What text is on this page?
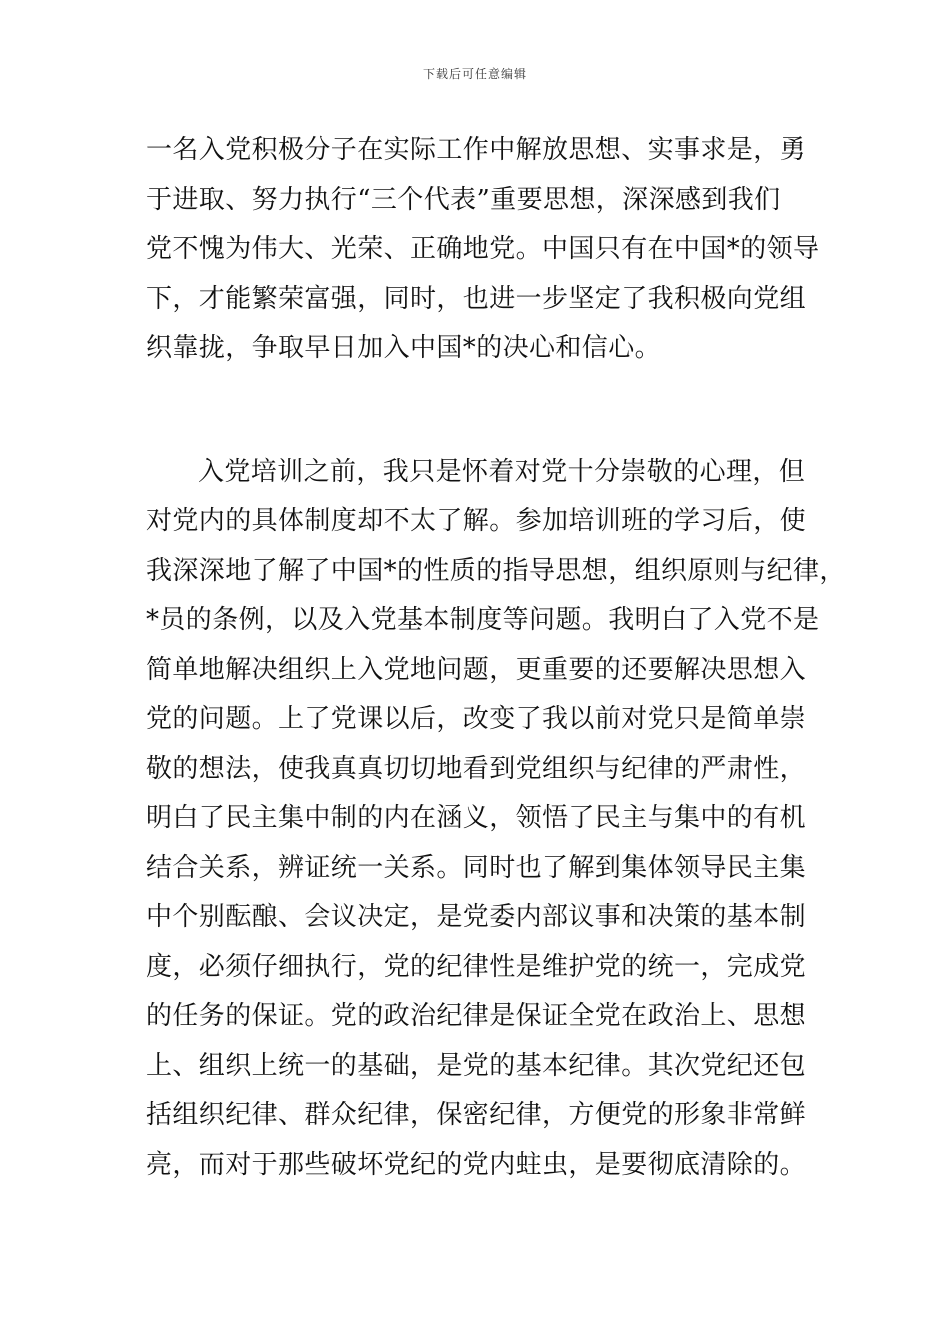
下载后可任意编辑
一名入党积极分子在实际工作中解放思想、实事求是，勇
于进取、努力执行“三个代表”重要思想，深深感到我们
党不愧为伟大、光荣、正确地党。中国只有在中国*的领导
下，才能繁荣富强，同时，也进一步坚定了我积极向党组
织靠拢，争取早日加入中国*的决心和信心。
入党培训之前，我只是怀着对党十分崇敬的心理，但
对党内的具体制度却不太了解。参加培训班的学习后，使
我深深地了解了中国*的性质的指导思想，组织原则与纪律，
*员的条例，以及入党基本制度等问题。我明白了入党不是
简单地解决组织上入党地问题，更重要的还要解决思想入
党的问题。上了党课以后，改变了我以前对党只是简单崇
敬的想法，使我真真切切地看到党组织与纪律的严肃性，
明白了民主集中制的内在涵义，领悟了民主与集中的有机
结合关系，辨证统一关系。同时也了解到集体领导民主集
中个别酝酿、会议决定，是党委内部议事和决策的基本制
度，必须仔细执行，党的纪律性是维护党的统一，完成党
的任务的保证。党的政治纪律是保证全党在政治上、思想
上、组织上统一的基础，是党的基本纪律。其次党纪还包
括组织纪律、群众纪律，保密纪律，方便党的形象非常鲜
亮，而对于那些破坏党纪的党内蛀虫，是要彻底清除的。
